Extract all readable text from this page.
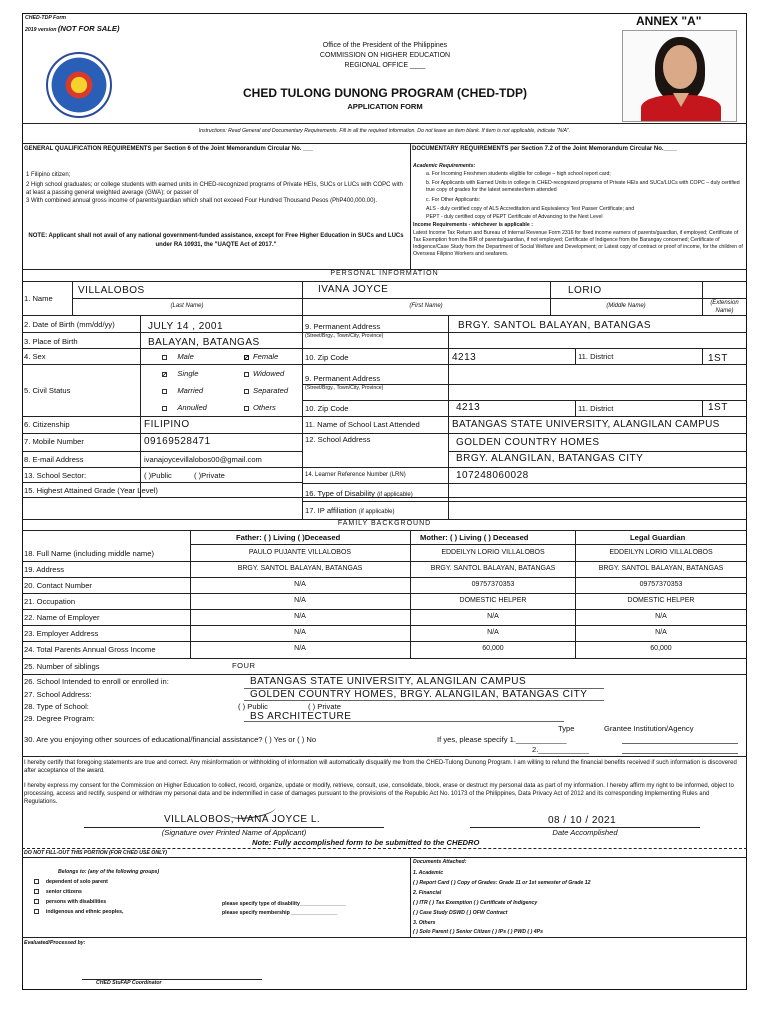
CHED-TDP Form
2019 version (NOT FOR SALE)
ANNEX "A"
Office of the President of the Philippines
COMMISSION ON HIGHER EDUCATION
REGIONAL OFFICE ____
CHED TULONG DUNONG PROGRAM (CHED-TDP)
APPLICATION FORM
Instructions: Read General and Documentary Requirements. Fill in all the required information. Do not leave an item blank. If item is not applicable, indicate "N/A".
GENERAL QUALIFICATION REQUIREMENTS per Section 6 of the Joint Memorandum Circular No. ___
1 Filipino citizen;
2 High school graduates; or college students with earned units in CHED-recognized programs of Private HEIs, SUCs or LUCs with COPC with at least a passing general weighted average (GWA); or passer of
3 With combined annual gross income of parents/guardian which shall not exceed Four Hundred Thousand Pesos (PhP400,000.00).
NOTE: Applicant shall not avail of any national government-funded assistance, except for Free Higher Education in SUCs and LUCs under RA 10931, the "UAQTE Act of 2017."
DOCUMENTARY REQUIREMENTS per Section 7.2 of the Joint Memorandum Circular No.____
Academic Requirements:
a. For Incoming Freshmen students eligible for college – high school report card;
b. For Applicants with Earned Units in college in CHED-recognized programs of Private HEIs and SUCs/LUCs with COPC – duly certified true copy of grades for the latest semester/term attended
c. For Other Applicants:
ALS - duly certified copy of ALS Accreditation and Equivalency Test Passer Certificate; and
PEPT - duly certified copy of PEPT Certificate of Advancing to the Next Level
Income Requirements - whichever is applicable :
Latest Income Tax Return and Bureau of Internal Revenue Form 2316 for fixed income earners of parents/guardian, if employed; Certificate of Tax Exemption from the BIR of parents/guardian, if not employed; Certificate of Indigence from the Barangay concerned; Certificate of Indigence/Case Study from the Department of Social Welfare and Development; or Latest copy of contract or proof of income, for the children of Overseas Filipino Workers and seafarers.
PERSONAL INFORMATION
1. Name
VILLALOBOS	IVANA JOYCE	LORIO
(Last Name)	(First Name)	(Middle Name)	(Extension Name)
2. Date of Birth (mm/dd/yy)	JULY 14 , 2001
3. Place of Birth	BALAYAN, BATANGAS
4. Sex	Male	Female
5. Civil Status
Single	Widowed
Married	Separated
Annulled	Others
9. Permanent Address
(Street/Brgy., Town/City, Province)
BRGY. SANTOL BALAYAN, BATANGAS
10. Zip Code	4213	11. District	1ST
9. Permanent Address
(Street/Brgy., Town/City, Province)
10. Zip Code	4213	11. District	1ST
6. Citizenship	FILIPINO
7. Mobile Number	09169528471
8. E-mail Address	ivanajoycevillalobos00@gmail.com
11. Name of School Last Attended	BATANGAS STATE UNIVERSITY, ALANGILAN CAMPUS
12. School Address	GOLDEN COUNTRY HOMES
BRGY. ALANGILAN, BATANGAS CITY
13. School Sector:	( )Public	( )Private
15. Highest Attained Grade (Year Level)
14. Learner Reference Number (LRN)	107248060028
16. Type of Disability (if applicable)
17. IP affiliation (if applicable)
FAMILY BACKGROUND
Father: ( ) Living ( )Deceased	Mother: ( ) Living ( ) Deceased	Legal Guardian
18. Full Name (including middle name)	PAULO PUJANTE VILLALOBOS	EDDEILYN LORIO VILLALOBOS	EDDEILYN LORIO VILLALOBOS
19. Address	BRGY. SANTOL BALAYAN, BATANGAS	BRGY. SANTOL BALAYAN, BATANGAS	BRGY. SANTOL BALAYAN, BATANGAS
20. Contact Number	N/A	09757370353	09757370353
21. Occupation	N/A	DOMESTIC HELPER	DOMESTIC HELPER
22. Name of Employer	N/A	N/A	N/A
23. Employer Address	N/A	N/A	N/A
24. Total Parents Annual Gross Income	N/A	60,000	60,000
25. Number of siblings	FOUR
26. School Intended to enroll or enrolled in:	BATANGAS STATE UNIVERSITY, ALANGILAN CAMPUS
27. School Address:	GOLDEN COUNTRY HOMES, BRGY. ALANGILAN, BATANGAS CITY
28. Type of School:	( ) Public	( ) Private
29. Degree Program:	BS ARCHITECTURE
Type	Grantee Institution/Agency
30. Are you enjoying other sources of educational/financial assistance? ( ) Yes or ( ) No	If yes, please specify 1.____________
2.____________
I hereby certify that foregoing statements are true and correct. Any misinformation or withholding of information will automatically disqualify me from the CHED-Tulong Dunong Program. I am willing to refund the financial benefits received if such information is discovered after acceptance of the award.
I hereby express my consent for the Commission on Higher Education to collect, record, organize, update or modify, retrieve, consult, use, consolidate, block, erase or destruct my personal data as part of my information. I hereby affirm my right to be informed, object to processing, access and rectify, suspend or withdraw my personal data and be indemnified in case of damages pursuant to the provisions of the Republic Act No. 10173 of the Philippines, Data Privacy Act of 2012 and its corresponding Implementing Rules and Regulations.
VILLALOBOS, IVANA JOYCE L.	08 / 10 / 2021
(Signature over Printed Name of Applicant)	Date Accomplished
Note: Fully accomplished form to be submitted to the CHEDRO
DO NOT FILL-OUT THIS PORTION (FOR CHED USE ONLY)
Belongs to: (any of the following groups)
dependent of solo parent
senior citizens
persons with disabilities
indigenous and ethnic peoples,
please specify type of disability________________
please specify membership ________________
Documents Attached:
1. Academic
( ) Report Card ( ) Copy of Grades: Grade 11 or 1st semester of Grade 12
2. Financial
( ) ITR ( ) Tax Exemption ( ) Certificate of Indigency
( ) Case Study DSWD ( ) OFW Contract
3. Others
( ) Solo Parent ( ) Senior Citizen ( ) IPs ( ) PWD ( ) 4Ps
Evaluated/Processed by:
CHED StuFAP Coordinator
